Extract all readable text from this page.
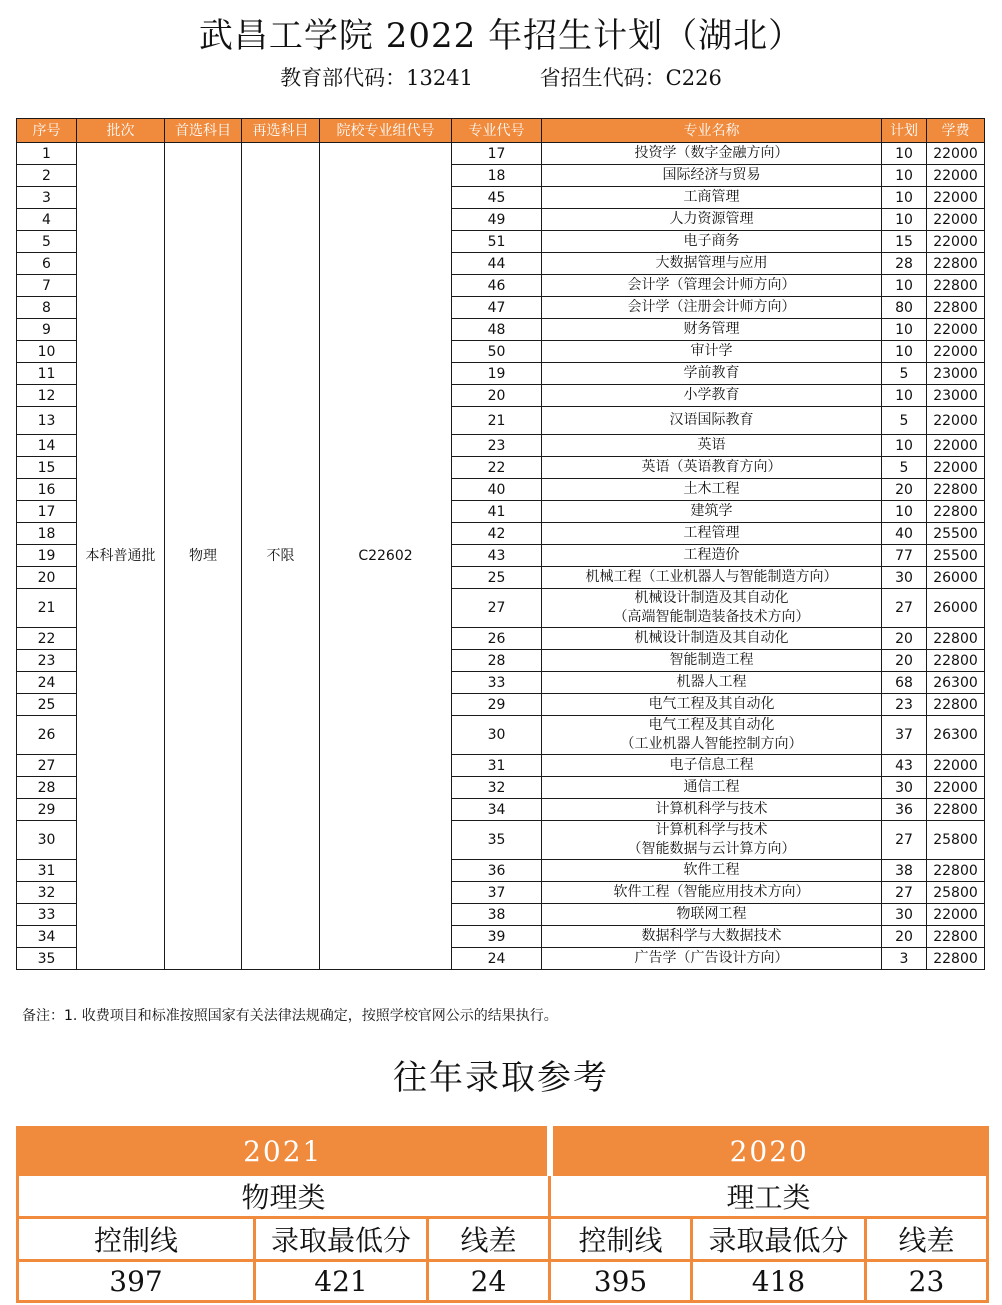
武昌工学院 2022 年招生计划（湖北）
教育部代码：13241	省招生代码：C226
序号	批次	首选科目	再选科目	院校专业组代号	专业代号	专业名称	计划	学费
1	本科普通批	物理	不限	C22602	17	投资学（数字金融方向）	10	22000
2					18	国际经济与贸易	10	22000
3					45	工商管理	10	22000
4					49	人力资源管理	10	22000
5					51	电子商务	15	22000
6					44	大数据管理与应用	28	22800
7					46	会计学（管理会计师方向）	10	22800
8					47	会计学（注册会计师方向）	80	22800
9					48	财务管理	10	22000
10					50	审计学	10	22000
11					19	学前教育	5	23000
12					20	小学教育	10	23000
13					21	汉语国际教育	5	22000
14					23	英语	10	22000
15					22	英语（英语教育方向）	5	22000
16					40	土木工程	20	22800
17					41	建筑学	10	22800
18					42	工程管理	40	25500
19					43	工程造价	77	25500
20					25	机械工程（工业机器人与智能制造方向）	30	26000
21					27	机械设计制造及其自动化
（高端智能制造装备技术方向）	27	26000
22					26	机械设计制造及其自动化	20	22800
23					28	智能制造工程	20	22800
24					33	机器人工程	68	26300
25					29	电气工程及其自动化	23	22800
26					30	电气工程及其自动化
（工业机器人智能控制方向）	37	26300
27					31	电子信息工程	43	22000
28					32	通信工程	30	22000
29					34	计算机科学与技术	36	22800
30					35	计算机科学与技术
（智能数据与云计算方向）	27	25800
31					36	软件工程	38	22800
32					37	软件工程（智能应用技术方向）	27	25800
33					38	物联网工程	30	22000
34					39	数据科学与大数据技术	20	22800
35					24	广告学（广告设计方向）	3	22800
备注：1. 收费项目和标准按照国家有关法律法规确定，按照学校官网公示的结果执行。
往年录取参考
2021			2020		
物理类			理工类		
控制线	录取最低分	线差	控制线	录取最低分	线差
397	421	24	395	418	23
